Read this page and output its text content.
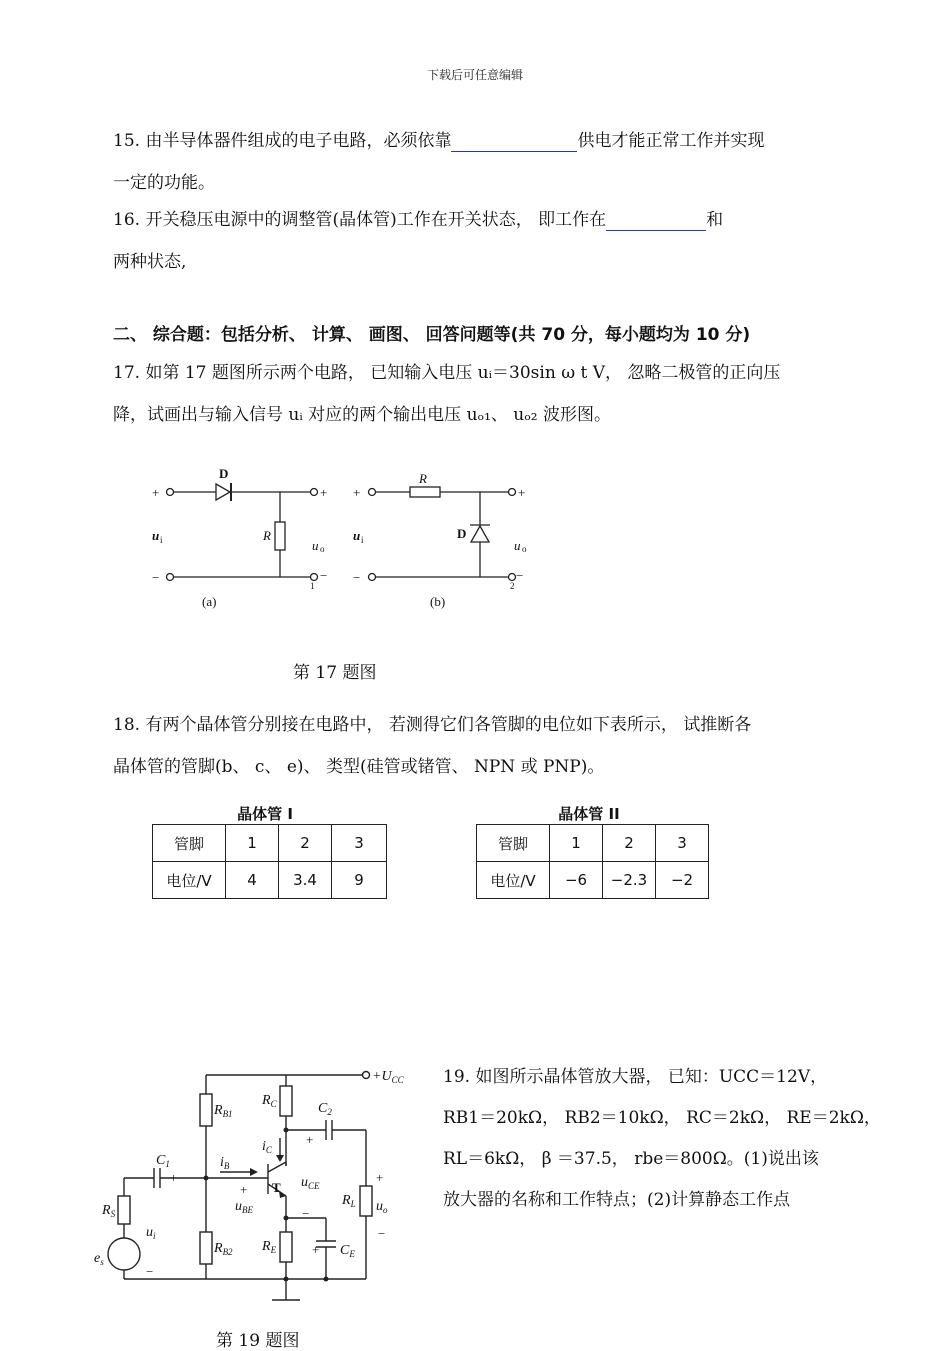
下载后可任意编辑
15. 由半导体器件组成的电子电路，必须依靠	供电才能正常工作并实现
一定的功能。
16. 开关稳压电源中的调整管(晶体管)工作在开关状态， 即工作在	和
两种状态,
二、 综合题：包括分析、 计算、 画图、 回答问题等(共 70 分，每小题均为 10 分)
17. 如第 17 题图所示两个电路， 已知输入电压 uᵢ＝30sin ω t V， 忽略二极管的正向压
降，试画出与输入信号 uᵢ 对应的两个输出电压 uₒ₁、 uₒ₂ 波形图。
+
−
D
R
u i	u o
+
−
1
(a)
+
−
R
D
u i	u o
+
−
2
(b)
第 17 题图
18. 有两个晶体管分别接在电路中， 若测得它们各管脚的电位如下表所示， 试推断各
晶体管的管脚(b、 c、 e)、 类型(硅管或锗管、 NPN 或 PNP)。
晶体管 I
管脚	1	2	3
电位/V	4	3.4	9
晶体管 II
管脚	1	2	3
电位/V	−6	−2.3	−2
19. 如图所示晶体管放大器， 已知：UCC＝12V，
RB1＝20kΩ， RB2＝10kΩ， RC＝2kΩ， RE＝2kΩ，
RL＝6kΩ， β ＝37.5， rbe＝800Ω。(1)说出该
放大器的名称和工作特点；(2)计算静态工作点
$+U_{CC}$
$R_{B1}$
$R_{B2}$
$R_C$
$R_E$
$R_L$
$R_S$
$C_1$
$C_2$
$C_E$
$i_B$
$i_C$
$u_{CE}$
$u_{BE}$
$u_i$
$u_o$
$e_s$
T
+
−
+
+
+
−
−
+
第 19 题图
